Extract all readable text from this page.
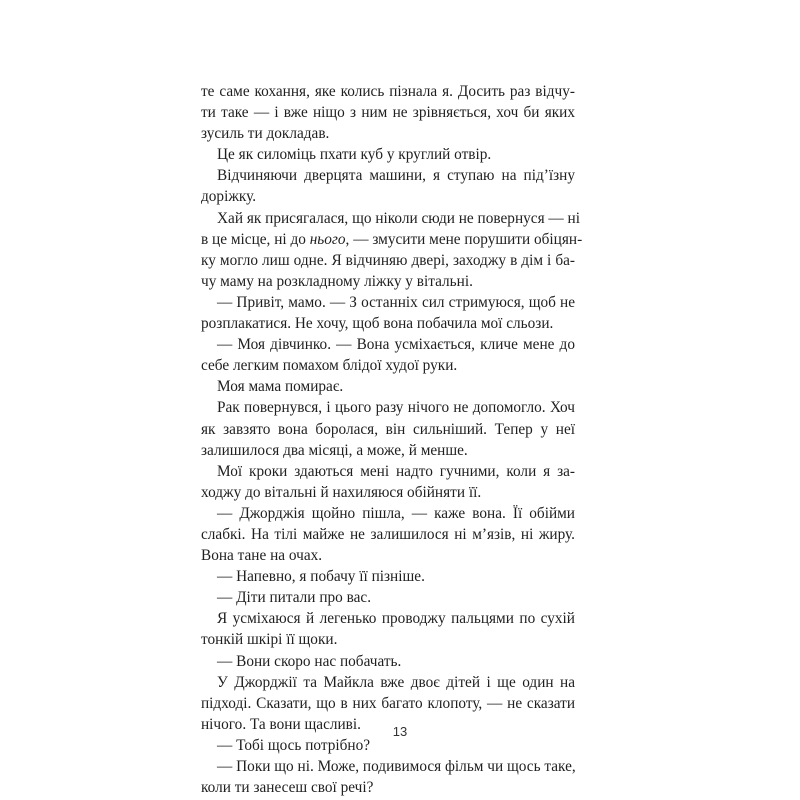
те саме кохання, яке колись пізнала я. Досить раз відчу-
ти таке — і вже ніщо з ним не зрівняється, хоч би яких
зусиль ти докладав.
Це як силоміць пхати куб у круглий отвір.
Відчиняючи дверцята машини, я ступаю на під’їзну
доріжку.
Хай як присягалася, що ніколи сюди не повернуся — ні
в це місце, ні до нього, — змусити мене порушити обіцян-
ку могло лиш одне. Я відчиняю двері, заходжу в дім і ба-
чу маму на розкладному ліжку у вітальні.
— Привіт, мамо. — З останніх сил стримуюся, щоб не
розплакатися. Не хочу, щоб вона побачила мої сльози.
— Моя дівчинко. — Вона усміхається, кличе мене до
себе легким помахом блідої худої руки.
Моя мама помирає.
Рак повернувся, і цього разу нічого не допомогло. Хоч
як завзято вона боролася, він сильніший. Тепер у неї
залишилося два місяці, а може, й менше.
Мої кроки здаються мені надто гучними, коли я за-
ходжу до вітальні й нахиляюся обійняти її.
— Джорджія щойно пішла, — каже вона. Її обійми
слабкі. На тілі майже не залишилося ні м’язів, ні жиру.
Вона тане на очах.
— Напевно, я побачу її пізніше.
— Діти питали про вас.
Я усміхаюся й легенько проводжу пальцями по сухій
тонкій шкірі її щоки.
— Вони скоро нас побачать.
У Джорджії та Майкла вже двоє дітей і ще один на
підході. Сказати, що в них багато клопоту, — не сказати
нічого. Та вони щасливі.
— Тобі щось потрібно?
— Поки що ні. Може, подивимося фільм чи щось таке,
коли ти занесеш свої речі?
13
